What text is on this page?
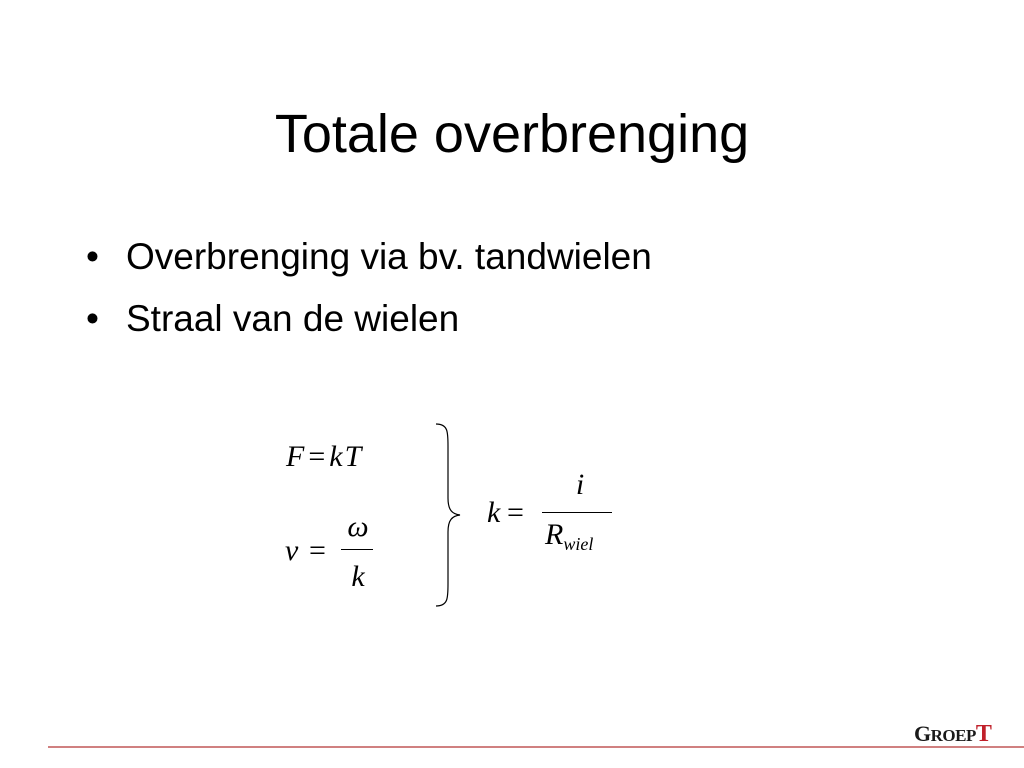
Totale overbrenging
• Overbrenging via bv. tandwielen
• Straal van de wielen
F = kT
v =
ω
k
k =
i
$R_{wiel}$
GROEPT
